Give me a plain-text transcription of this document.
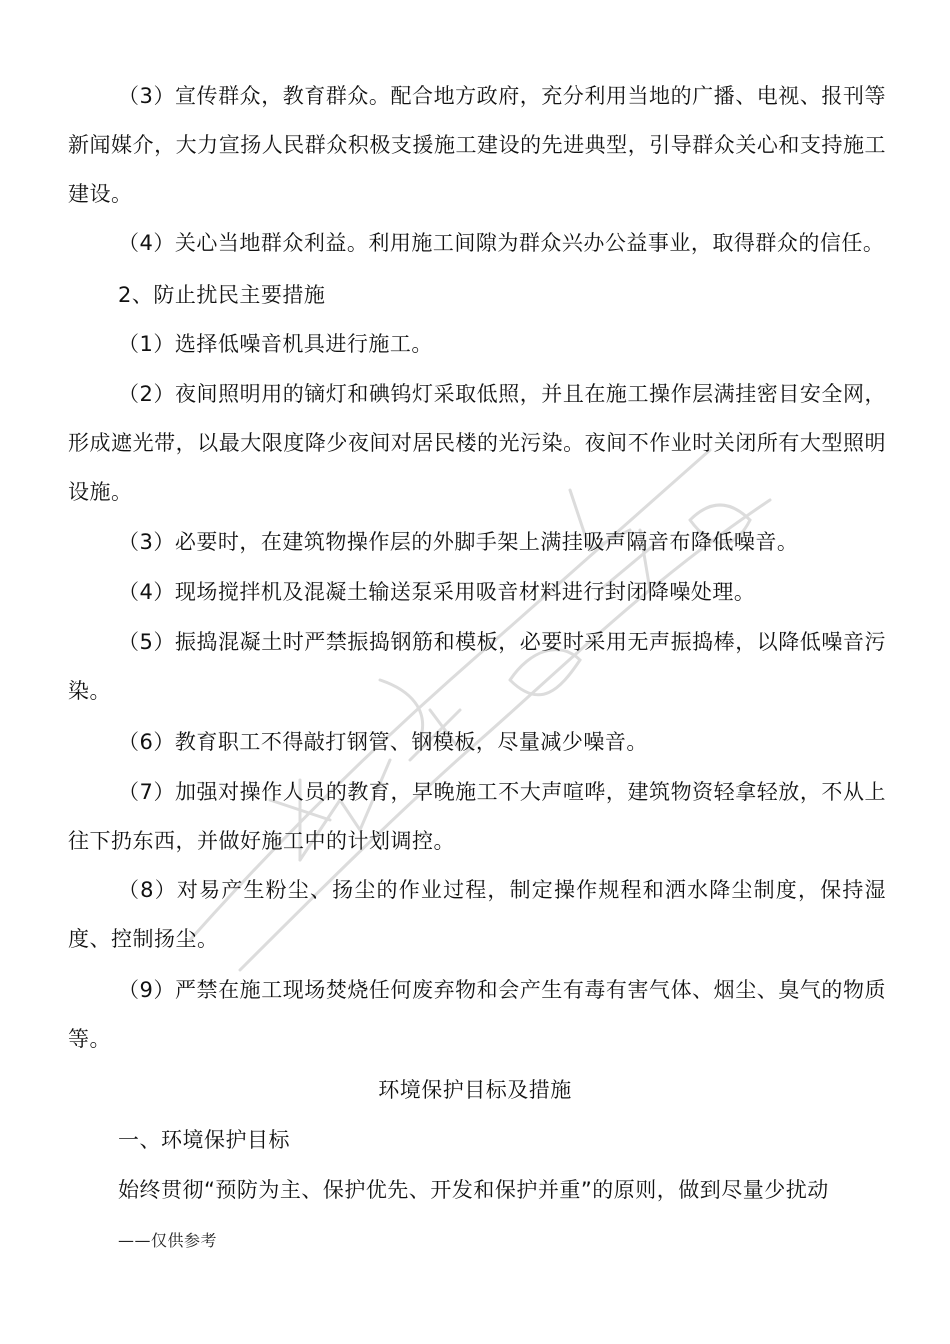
（3）宣传群众，教育群众。配合地方政府，充分利用当地的广播、电视、报刊等新闻媒介，大力宣扬人民群众积极支援施工建设的先进典型，引导群众关心和支持施工建设。

（4）关心当地群众利益。利用施工间隙为群众兴办公益事业，取得群众的信任。

2、防止扰民主要措施

（1）选择低噪音机具进行施工。

（2）夜间照明用的镝灯和碘钨灯采取低照，并且在施工操作层满挂密目安全网，形成遮光带，以最大限度降少夜间对居民楼的光污染。夜间不作业时关闭所有大型照明设施。

（3）必要时，在建筑物操作层的外脚手架上满挂吸声隔音布降低噪音。

（4）现场搅拌机及混凝土输送泵采用吸音材料进行封闭降噪处理。

（5）振捣混凝土时严禁振捣钢筋和模板，必要时采用无声振捣棒，以降低噪音污染。

（6）教育职工不得敲打钢管、钢模板，尽量减少噪音。

（7）加强对操作人员的教育，早晚施工不大声喧哗，建筑物资轻拿轻放，不从上往下扔东西，并做好施工中的计划调控。

（8）对易产生粉尘、扬尘的作业过程，制定操作规程和洒水降尘制度，保持湿度、控制扬尘。

（9）严禁在施工现场焚烧任何废弃物和会产生有毒有害气体、烟尘、臭气的物质等。

环境保护目标及措施

一、环境保护目标

始终贯彻“预防为主、保护优先、开发和保护并重”的原则，做到尽量少扰动

——仅供参考
